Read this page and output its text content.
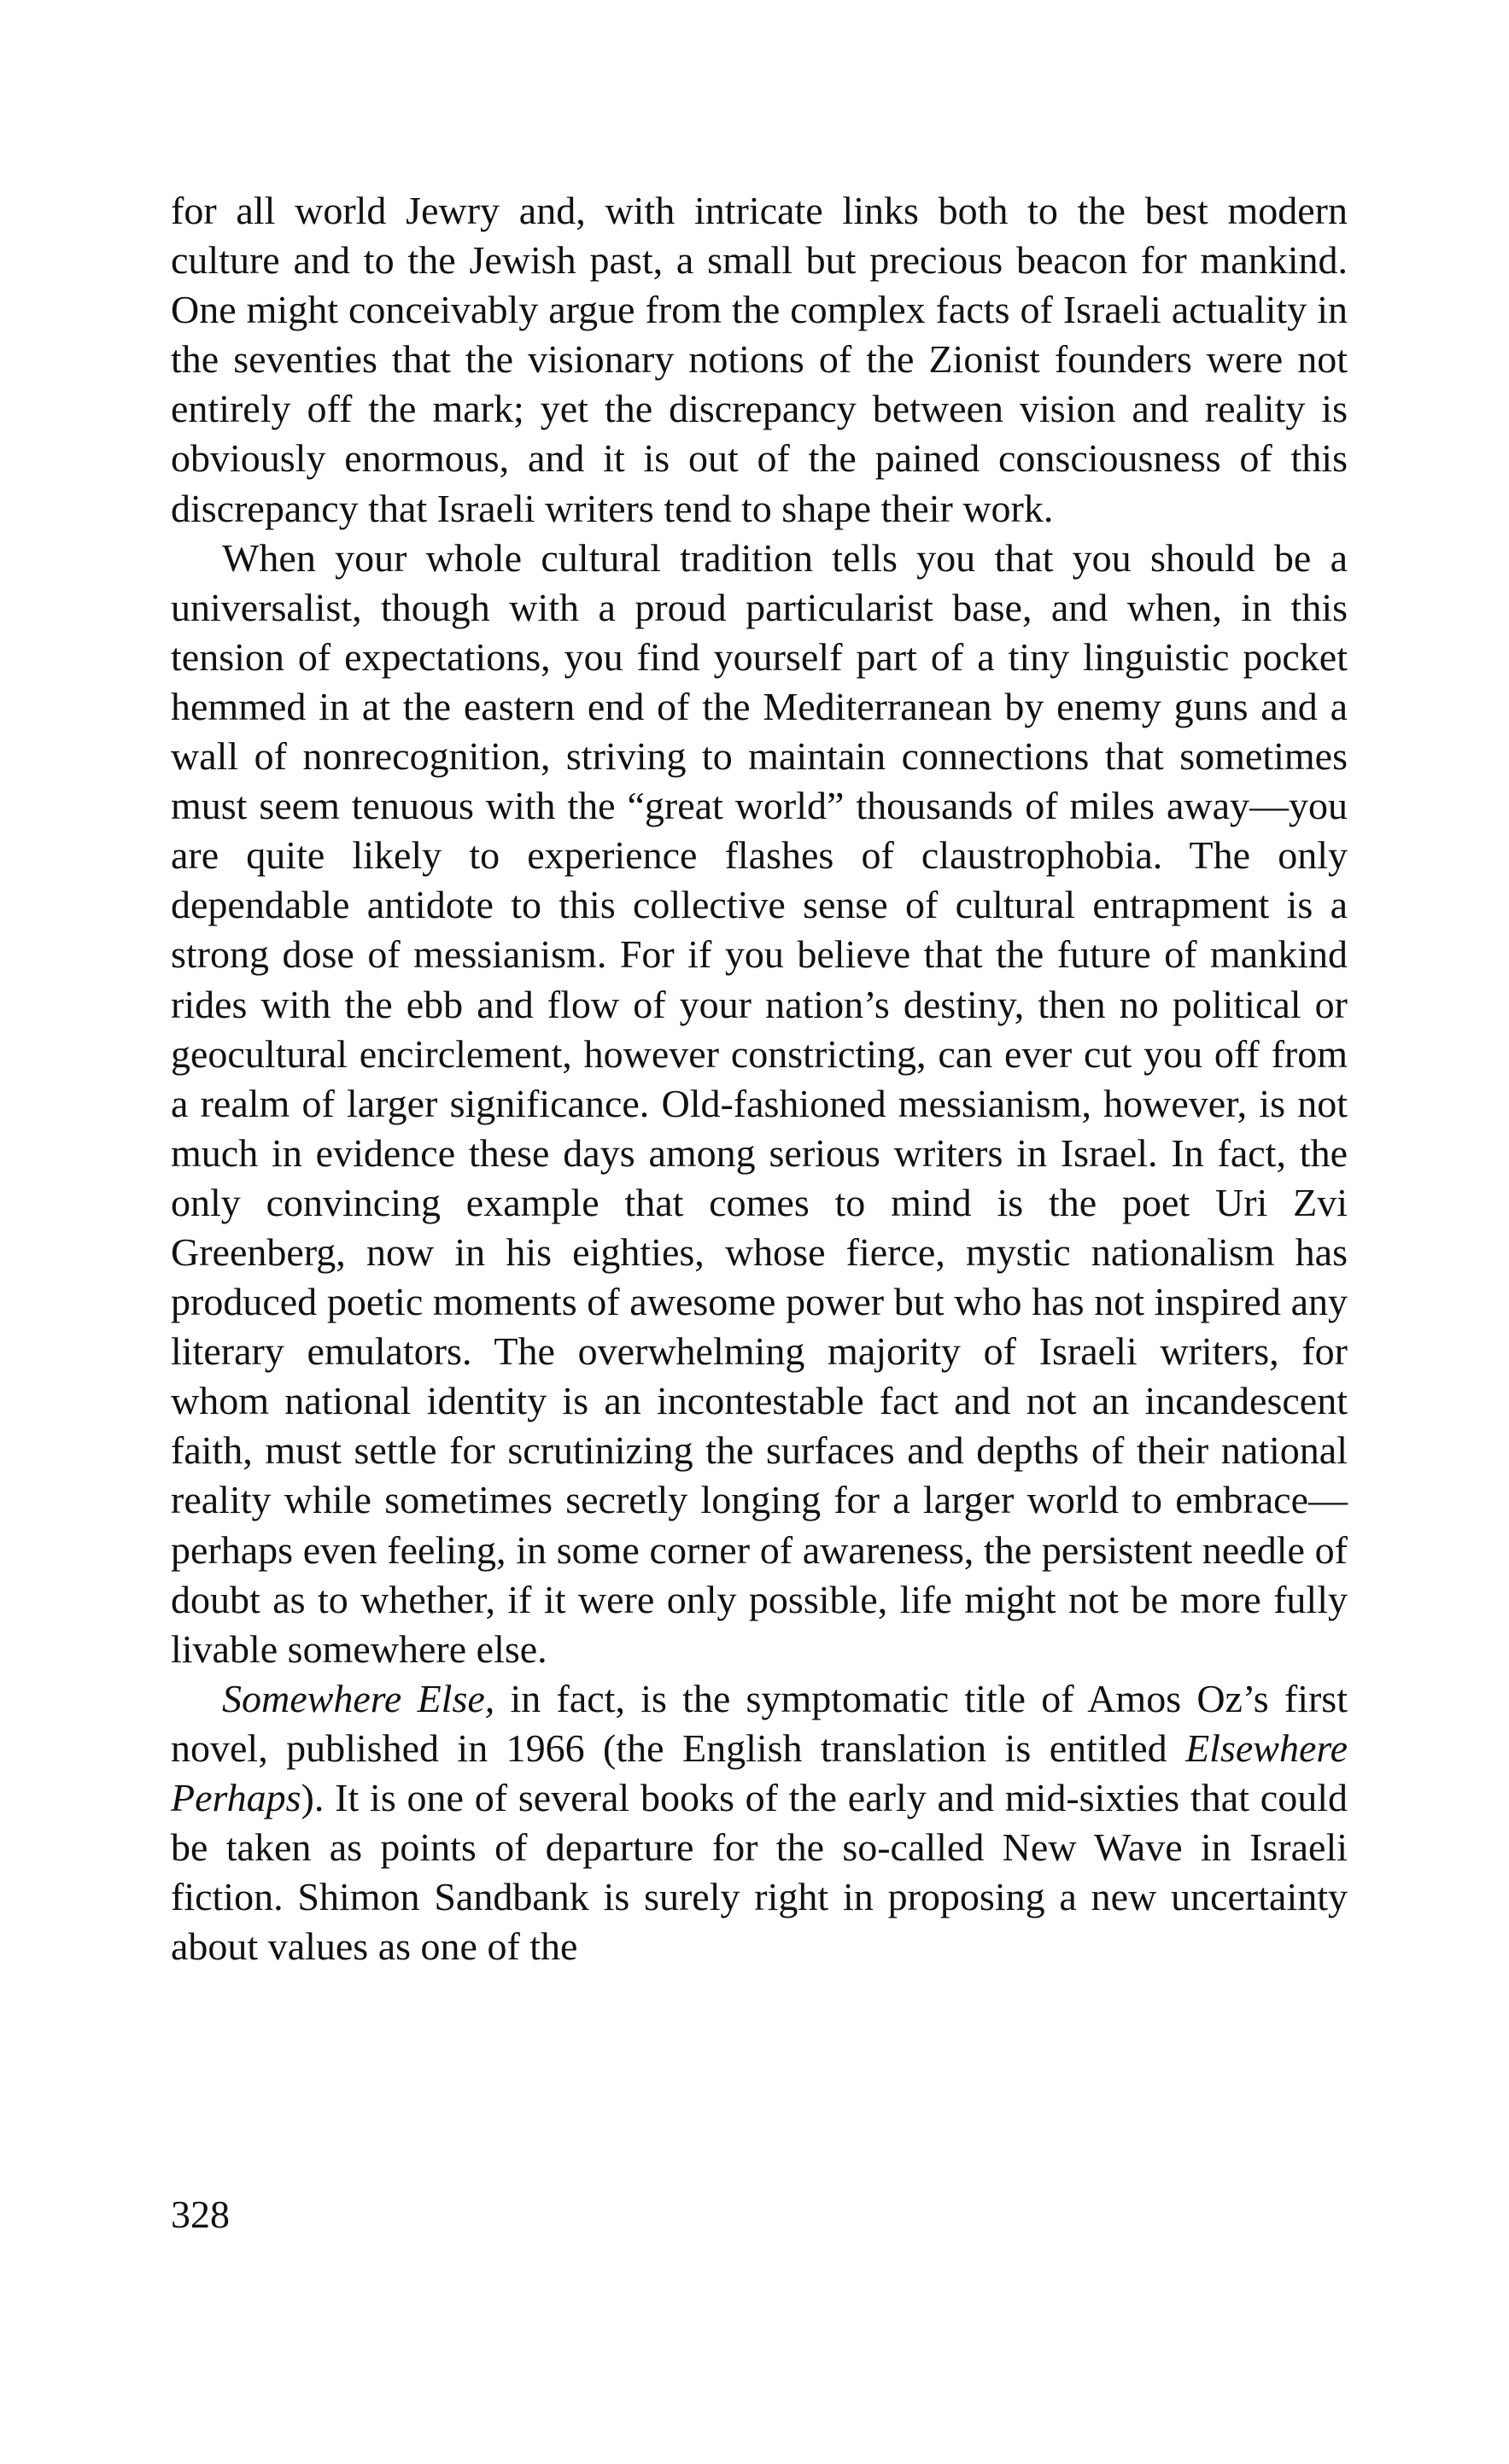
for all world Jewry and, with intricate links both to the best modern culture and to the Jewish past, a small but precious beacon for mankind. One might conceivably argue from the complex facts of Israeli actuality in the seventies that the visionary notions of the Zionist founders were not entirely off the mark; yet the discrepancy between vision and reality is obviously enormous, and it is out of the pained consciousness of this discrepancy that Israeli writers tend to shape their work.

When your whole cultural tradition tells you that you should be a universalist, though with a proud particularist base, and when, in this tension of expectations, you find yourself part of a tiny linguistic pocket hemmed in at the eastern end of the Mediterranean by enemy guns and a wall of nonrecognition, striving to maintain connections that sometimes must seem tenuous with the “great world” thousands of miles away—you are quite likely to experience flashes of claustrophobia. The only dependable antidote to this collective sense of cultural entrapment is a strong dose of messianism. For if you believe that the future of mankind rides with the ebb and flow of your nation’s destiny, then no political or geocultural encirclement, however constricting, can ever cut you off from a realm of larger significance. Old-fashioned messianism, however, is not much in evidence these days among serious writers in Israel. In fact, the only convincing example that comes to mind is the poet Uri Zvi Greenberg, now in his eighties, whose fierce, mystic nationalism has produced poetic moments of awesome power but who has not inspired any literary emulators. The overwhelming majority of Israeli writers, for whom national identity is an incontestable fact and not an incandescent faith, must settle for scrutinizing the surfaces and depths of their national reality while sometimes secretly longing for a larger world to embrace—perhaps even feeling, in some corner of awareness, the persistent needle of doubt as to whether, if it were only possible, life might not be more fully livable somewhere else.

Somewhere Else, in fact, is the symptomatic title of Amos Oz’s first novel, published in 1966 (the English translation is entitled Elsewhere Perhaps). It is one of several books of the early and mid-sixties that could be taken as points of departure for the so-called New Wave in Israeli fiction. Shimon Sandbank is surely right in proposing a new uncertainty about values as one of the

328
